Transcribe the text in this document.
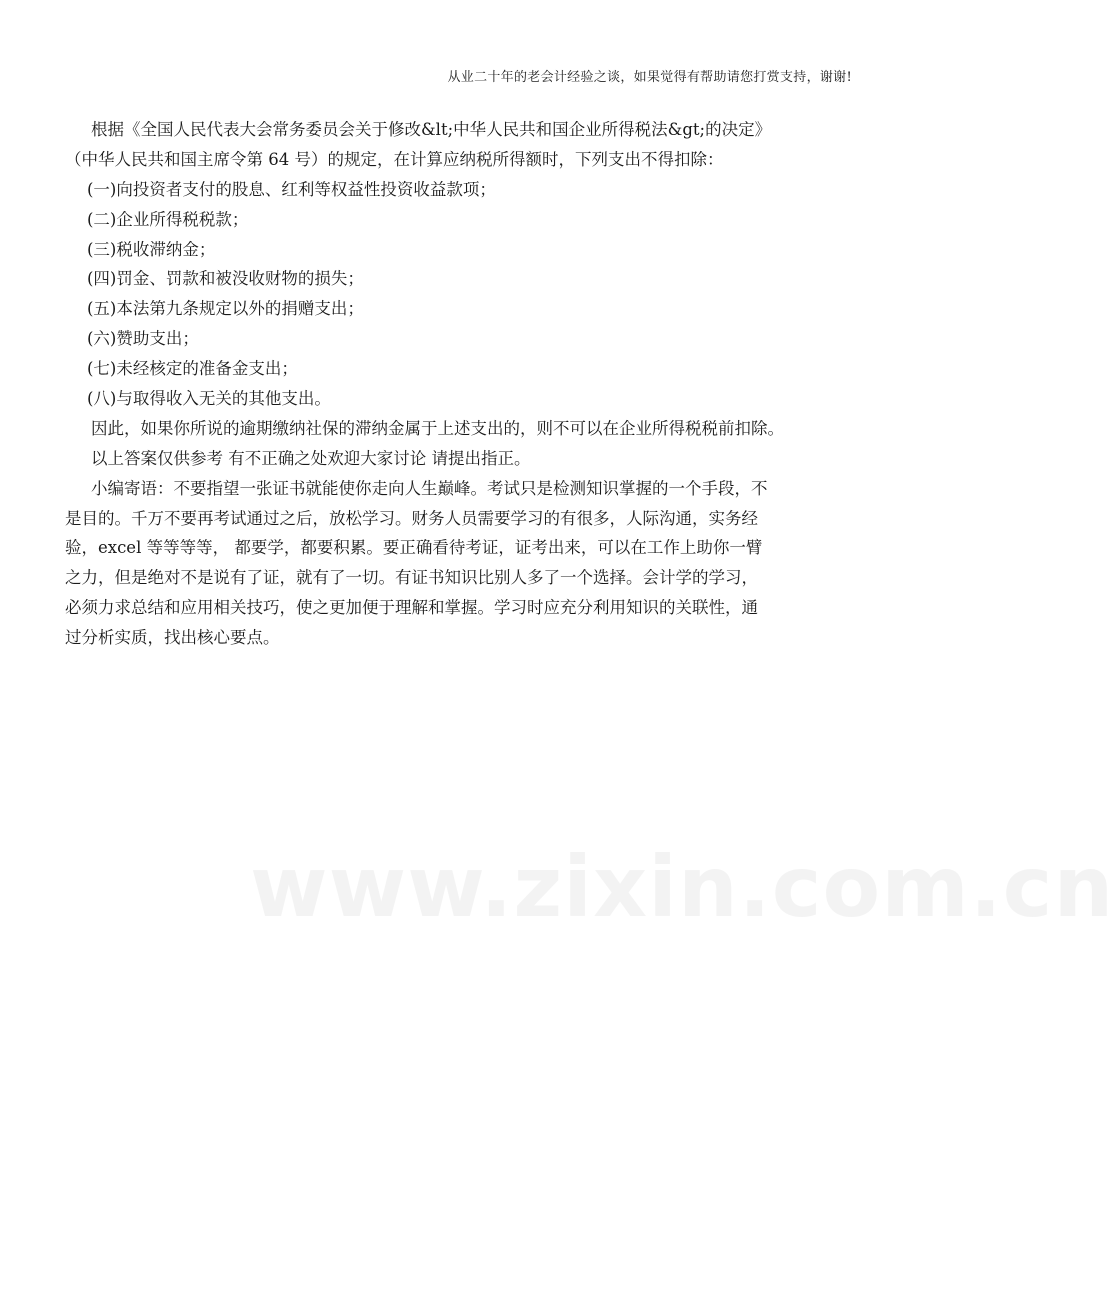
从业二十年的老会计经验之谈，如果觉得有帮助请您打赏支持，谢谢!
www.zixin.com.cn
根据《全国人民代表大会常务委员会关于修改&lt;中华人民共和国企业所得税法&gt;的决定》
（中华人民共和国主席令第 64 号）的规定，在计算应纳税所得额时，下列支出不得扣除：
(一)向投资者支付的股息、红利等权益性投资收益款项；
(二)企业所得税税款；
(三)税收滞纳金；
(四)罚金、罚款和被没收财物的损失；
(五)本法第九条规定以外的捐赠支出；
(六)赞助支出；
(七)未经核定的准备金支出；
(八)与取得收入无关的其他支出。
因此，如果你所说的逾期缴纳社保的滞纳金属于上述支出的，则不可以在企业所得税税前扣除。
以上答案仅供参考 有不正确之处欢迎大家讨论 请提出指正。
小编寄语：不要指望一张证书就能使你走向人生巅峰。考试只是检测知识掌握的一个手段，不
是目的。千万不要再考试通过之后，放松学习。财务人员需要学习的有很多，人际沟通，实务经
验，excel 等等等等， 都要学，都要积累。要正确看待考证，证考出来，可以在工作上助你一臂
之力，但是绝对不是说有了证，就有了一切。有证书知识比别人多了一个选择。会计学的学习，
必须力求总结和应用相关技巧，使之更加便于理解和掌握。学习时应充分利用知识的关联性，通
过分析实质，找出核心要点。
